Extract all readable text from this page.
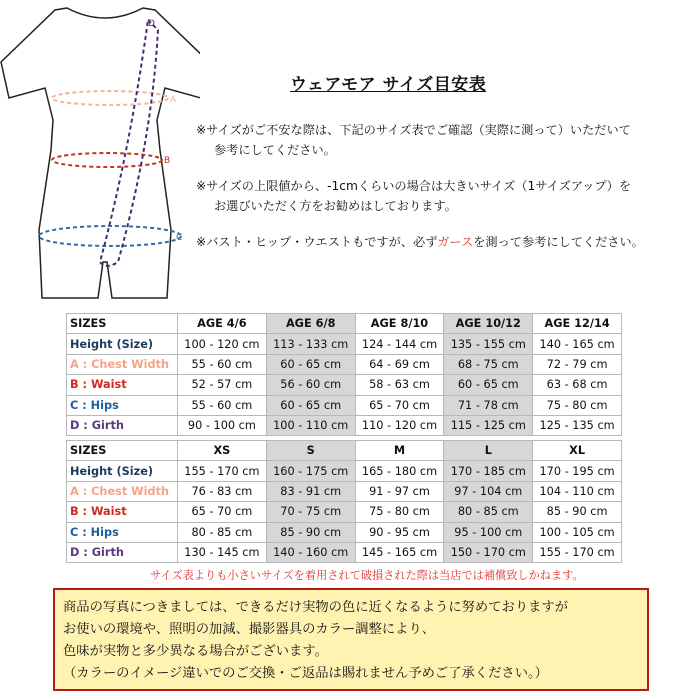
A
B
C
D
ウェアモア サイズ目安表
※サイズがご不安な際は、下記のサイズ表でご確認（実際に測って）いただいて
参考にしてください。
※サイズの上限値から、-1cmくらいの場合は大きいサイズ（1サイズアップ）を
お選びいただく方をお勧めはしております。
※バスト・ヒップ・ウエストもですが、必ずガースを測って参考にしてください。
SIZES	AGE 4/6	AGE 6/8	AGE 8/10	AGE 10/12	AGE 12/14
Height (Size)	100 - 120 cm	113 - 133 cm	124 - 144 cm	135 - 155 cm	140 - 165 cm
A : Chest Width	55 - 60 cm	60 - 65 cm	64 - 69 cm	68 - 75 cm	72 - 79 cm
B : Waist	52 - 57 cm	56 - 60 cm	58 - 63 cm	60 - 65 cm	63 - 68 cm
C : Hips	55 - 60 cm	60 - 65 cm	65 - 70 cm	71 - 78 cm	75 - 80 cm
D : Girth	90 - 100 cm	100 - 110 cm	110 - 120 cm	115 - 125 cm	125 - 135 cm
SIZES	XS	S	M	L	XL
Height (Size)	155 - 170 cm	160 - 175 cm	165 - 180 cm	170 - 185 cm	170 - 195 cm
A : Chest Width	76 - 83 cm	83 - 91 cm	91 - 97 cm	97 - 104 cm	104 - 110 cm
B : Waist	65 - 70 cm	70 - 75 cm	75 - 80 cm	80 - 85 cm	85 - 90 cm
C : Hips	80 - 85 cm	85 - 90 cm	90 - 95 cm	95 - 100 cm	100 - 105 cm
D : Girth	130 - 145 cm	140 - 160 cm	145 - 165 cm	150 - 170 cm	155 - 170 cm
サイズ表よりも小さいサイズを着用されて破損された際は当店では補償致しかねます。
商品の写真につきましては、できるだけ実物の色に近くなるように努めておりますが
お使いの環境や、照明の加減、撮影器具のカラー調整により、
色味が実物と多少異なる場合がございます。
（カラーのイメージ違いでのご交換・ご返品は賜れません予めご了承ください。）
